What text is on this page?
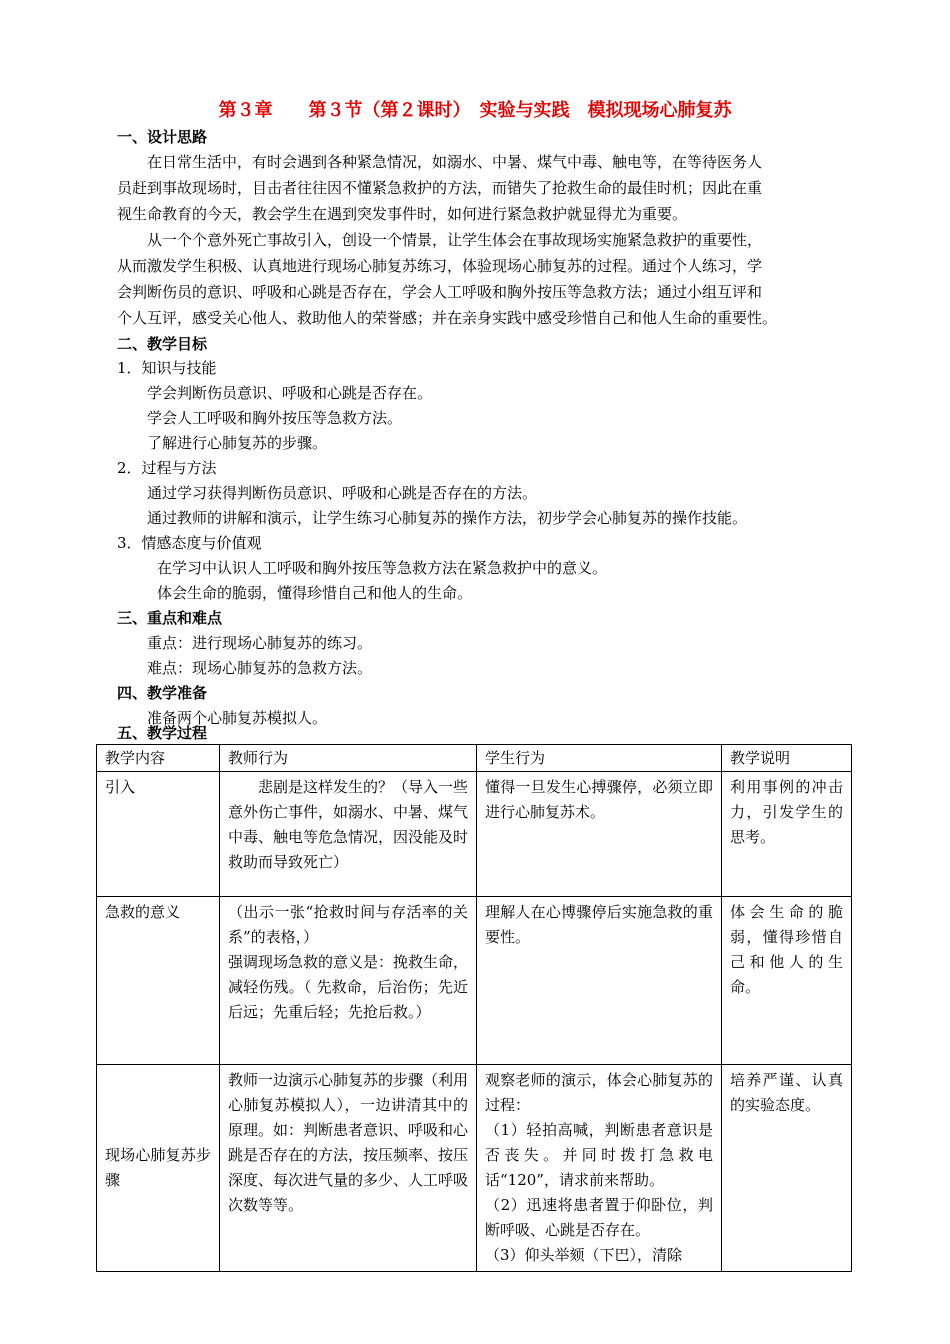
第３章　　第３节（第２课时）　实验与实践　模拟现场心肺复苏
一、设计思路
在日常生活中，有时会遇到各种紧急情况，如溺水、中暑、煤气中毒、触电等，在等待医务人
员赶到事故现场时，目击者往往因不懂紧急救护的方法，而错失了抢救生命的最佳时机；因此在重
视生命教育的今天，教会学生在遇到突发事件时，如何进行紧急救护就显得尤为重要。
从一个个意外死亡事故引入，创设一个情景，让学生体会在事故现场实施紧急救护的重要性，
从而激发学生积极、认真地进行现场心肺复苏练习，体验现场心肺复苏的过程。通过个人练习，学
会判断伤员的意识、呼吸和心跳是否存在，学会人工呼吸和胸外按压等急救方法；通过小组互评和
个人互评，感受关心他人、救助他人的荣誉感；并在亲身实践中感受珍惜自己和他人生命的重要性。
二、教学目标
1．知识与技能
学会判断伤员意识、呼吸和心跳是否存在。
学会人工呼吸和胸外按压等急救方法。
了解进行心肺复苏的步骤。
2．过程与方法
通过学习获得判断伤员意识、呼吸和心跳是否存在的方法。
通过教师的讲解和演示，让学生练习心肺复苏的操作方法，初步学会心肺复苏的操作技能。
3．情感态度与价值观
在学习中认识人工呼吸和胸外按压等急救方法在紧急救护中的意义。
体会生命的脆弱，懂得珍惜自己和他人的生命。
三、重点和难点
重点：进行现场心肺复苏的练习。
难点：现场心肺复苏的急救方法。
四、教学准备
准备两个心肺复苏模拟人。
五、教学过程
教学内容	教师行为	学生行为	教学说明
引入	　　悲剧是这样发生的？（导入一些意外伤亡事件，如溺水、中暑、煤气中毒、触电等危急情况，因没能及时救助而导致死亡）	懂得一旦发生心搏骤停，必须立即进行心肺复苏术。	利用事例的冲击力，引发学生的思考。

急救的意义	（出示一张“抢救时间与存活率的关系”的表格，）
强调现场急救的意义是：挽救生命，减轻伤残。（ 先救命，后治伤；先近后远；先重后轻；先抢后救。）	理解人在心博骤停后实施急救的重要性。	体会生命的脆弱，懂得珍惜自己和他人的生命。

现场心肺复苏步骤	教师一边演示心肺复苏的步骤（利用心肺复苏模拟人），一边讲清其中的原理。如：判断患者意识、呼吸和心跳是否存在的方法，按压频率、按压深度、每次进气量的多少、人工呼吸次数等等。	观察老师的演示，体会心肺复苏的过程：
（1）轻拍高喊，判断患者意识是否丧失。并同时拨打急救电话“120”，请求前来帮助。
（2）迅速将患者置于仰卧位，判断呼吸、心跳是否存在。
（3）仰头举颏（下巴），清除	培养严谨、认真的实验态度。
